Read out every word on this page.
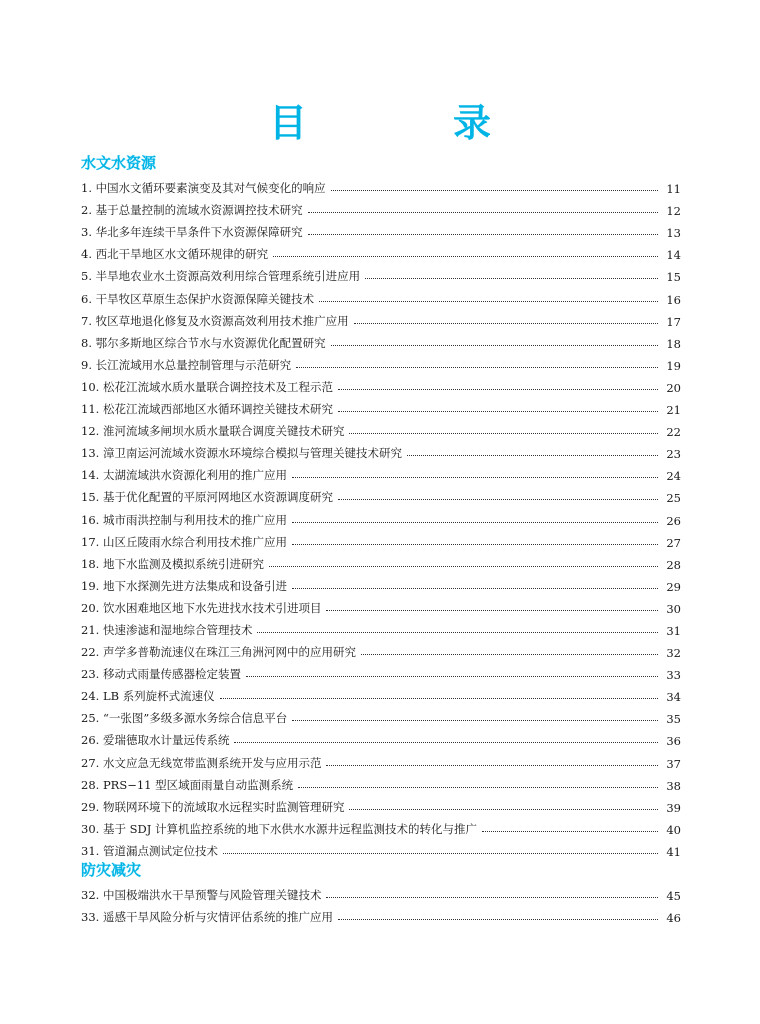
目　录
水文水资源
1. 中国水文循环要素演变及其对气候变化的响应	11
2. 基于总量控制的流域水资源调控技术研究	12
3. 华北多年连续干旱条件下水资源保障研究	13
4. 西北干旱地区水文循环规律的研究	14
5. 半旱地农业水土资源高效利用综合管理系统引进应用	15
6. 干旱牧区草原生态保护水资源保障关键技术	16
7. 牧区草地退化修复及水资源高效利用技术推广应用	17
8. 鄂尔多斯地区综合节水与水资源优化配置研究	18
9. 长江流域用水总量控制管理与示范研究	19
10. 松花江流域水质水量联合调控技术及工程示范	20
11. 松花江流域西部地区水循环调控关键技术研究	21
12. 淮河流域多闸坝水质水量联合调度关键技术研究	22
13. 漳卫南运河流域水资源水环境综合模拟与管理关键技术研究	23
14. 太湖流域洪水资源化利用的推广应用	24
15. 基于优化配置的平原河网地区水资源调度研究	25
16. 城市雨洪控制与利用技术的推广应用	26
17. 山区丘陵雨水综合利用技术推广应用	27
18. 地下水监测及模拟系统引进研究	28
19. 地下水探测先进方法集成和设备引进	29
20. 饮水困难地区地下水先进找水技术引进项目	30
21. 快速渗滤和湿地综合管理技术	31
22. 声学多普勒流速仪在珠江三角洲河网中的应用研究	32
23. 移动式雨量传感器检定装置	33
24. LB 系列旋杯式流速仪	34
25. “一张图”多级多源水务综合信息平台	35
26. 爱瑞德取水计量远传系统	36
27. 水文应急无线宽带监测系统开发与应用示范	37
28. PRS−11 型区域面雨量自动监测系统	38
29. 物联网环境下的流域取水远程实时监测管理研究	39
30. 基于 SDJ 计算机监控系统的地下水供水水源井远程监测技术的转化与推广	40
31. 管道漏点测试定位技术	41
防灾减灾
32. 中国极端洪水干旱预警与风险管理关键技术	45
33. 遥感干旱风险分析与灾情评估系统的推广应用	46
